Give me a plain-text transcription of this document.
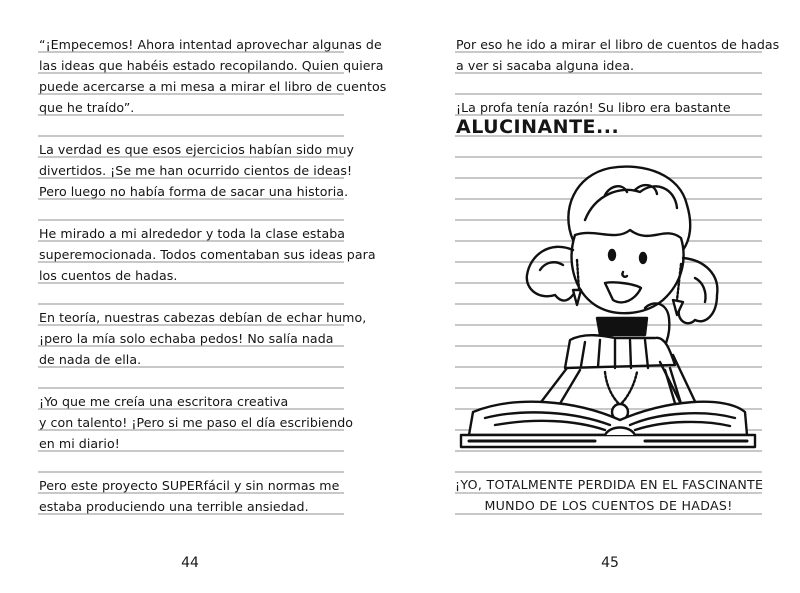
“¡Empecemos! Ahora intentad aprovechar algunas de
las ideas que habéis estado recopilando. Quien quiera
puede acercarse a mi mesa a mirar el libro de cuentos
que he traído”.
La verdad es que esos ejercicios habían sido muy
divertidos. ¡Se me han ocurrido cientos de ideas!
Pero luego no había forma de sacar una historia.
He mirado a mi alrededor y toda la clase estaba
superemocionada. Todos comentaban sus ideas para
los cuentos de hadas.
En teoría, nuestras cabezas debían de echar humo,
¡pero la mía solo echaba pedos! No salía nada
de nada de ella.
¡Yo que me creía una escritora creativa
y con talento! ¡Pero si me paso el día escribiendo
en mi diario!
Pero este proyecto SUPERfácil y sin normas me
estaba produciendo una terrible ansiedad.
44
Por eso he ido a mirar el libro de cuentos de hadas
a ver si sacaba alguna idea.
¡La profa tenía razón! Su libro era bastante
ALUCINANTE...
¡YO, TOTALMENTE PERDIDA EN EL FASCINANTE
MUNDO DE LOS CUENTOS DE HADAS!
45
